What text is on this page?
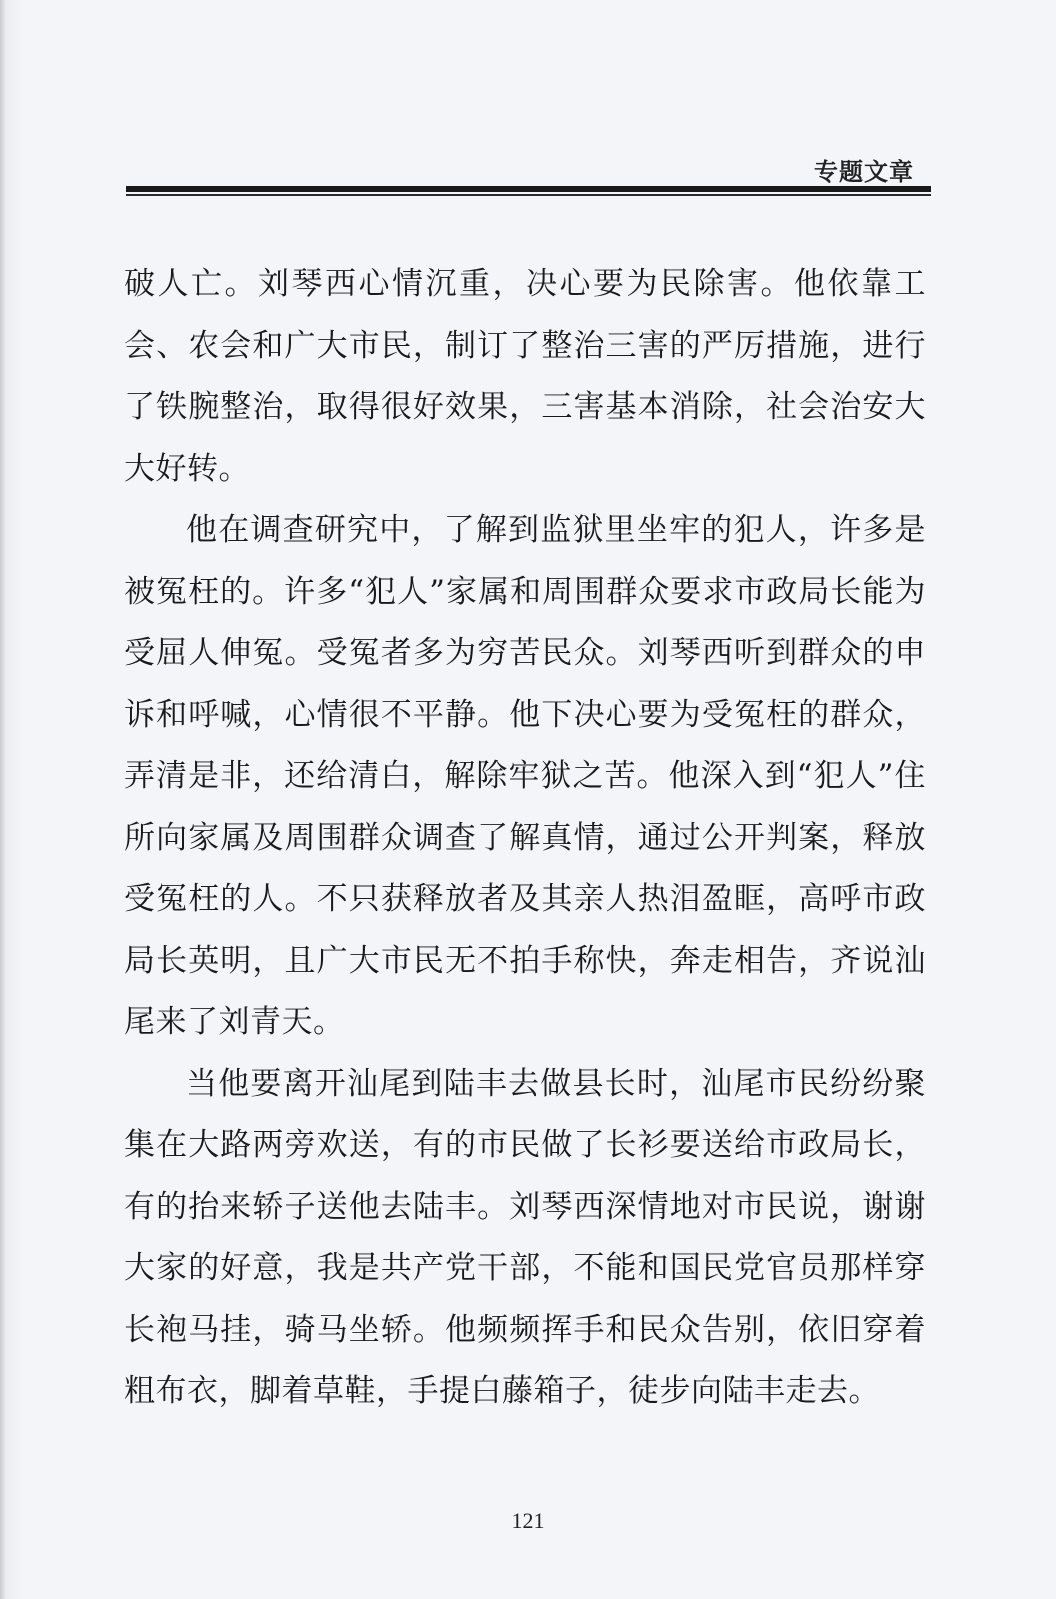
专题文章

破人亡。刘琴西心情沉重，决心要为民除害。他依靠工会、农会和广大市民，制订了整治三害的严厉措施，进行了铁腕整治，取得很好效果，三害基本消除，社会治安大大好转。

他在调查研究中，了解到监狱里坐牢的犯人，许多是被冤枉的。许多“犯人”家属和周围群众要求市政局长能为受屈人伸冤。受冤者多为穷苦民众。刘琴西听到群众的申诉和呼喊，心情很不平静。他下决心要为受冤枉的群众，弄清是非，还给清白，解除牢狱之苦。他深入到“犯人”住所向家属及周围群众调查了解真情，通过公开判案，释放受冤枉的人。不只获释放者及其亲人热泪盈眶，高呼市政局长英明，且广大市民无不拍手称快，奔走相告，齐说汕尾来了刘青天。

当他要离开汕尾到陆丰去做县长时，汕尾市民纷纷聚集在大路两旁欢送，有的市民做了长衫要送给市政局长，有的抬来轿子送他去陆丰。刘琴西深情地对市民说，谢谢大家的好意，我是共产党干部，不能和国民党官员那样穿长袍马挂，骑马坐轿。他频频挥手和民众告别，依旧穿着粗布衣，脚着草鞋，手提白藤箱子，徒步向陆丰走去。

121
